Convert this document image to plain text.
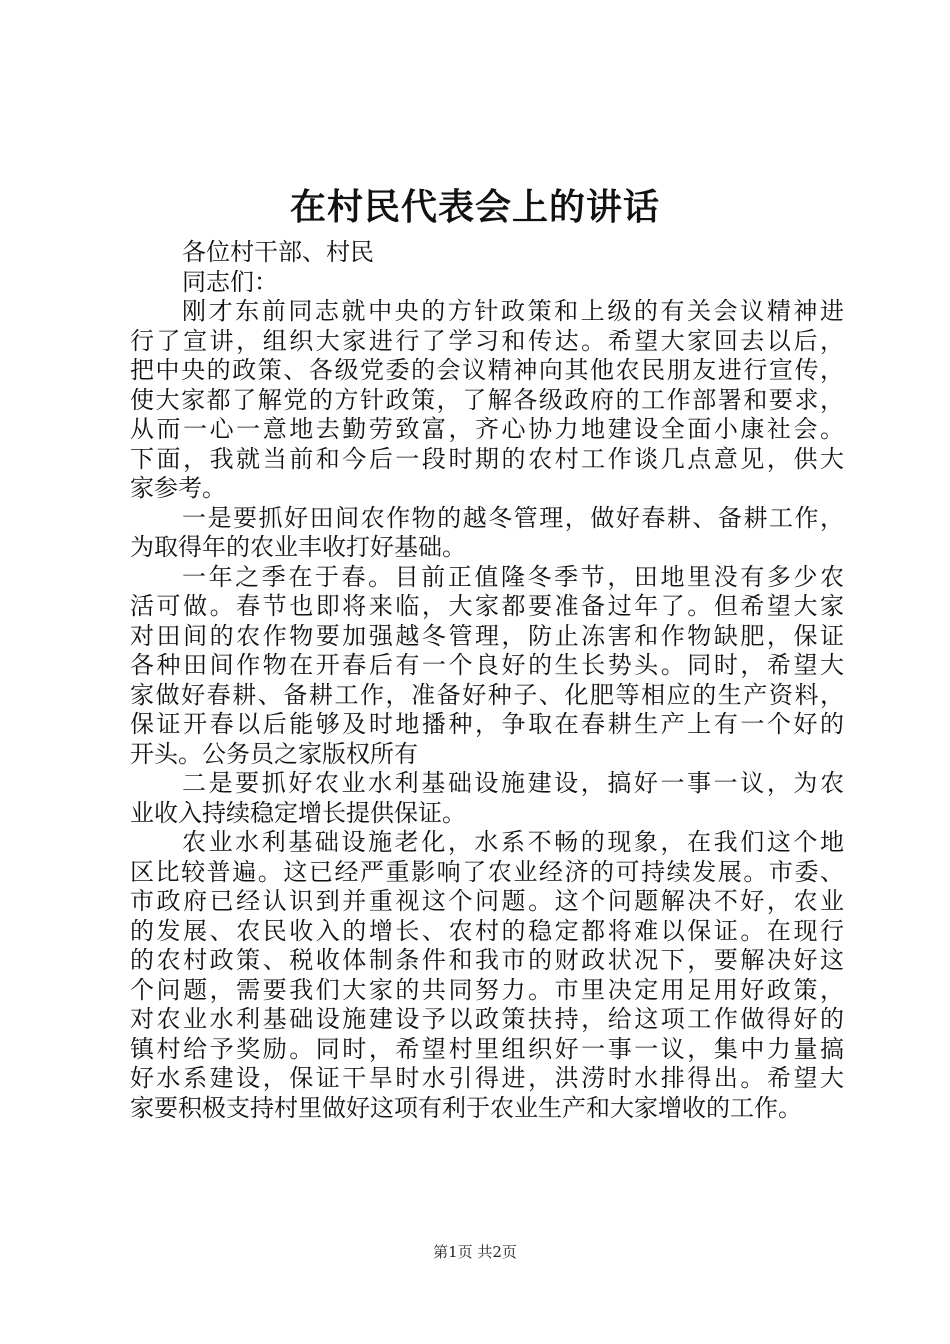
在村民代表会上的讲话
各位村干部、村民
同志们：
刚才东前同志就中央的方针政策和上级的有关会议精神进
行了宣讲，组织大家进行了学习和传达。希望大家回去以后，
把中央的政策、各级党委的会议精神向其他农民朋友进行宣传，
使大家都了解党的方针政策，了解各级政府的工作部署和要求，
从而一心一意地去勤劳致富，齐心协力地建设全面小康社会。
下面，我就当前和今后一段时期的农村工作谈几点意见，供大
家参考。
一是要抓好田间农作物的越冬管理，做好春耕、备耕工作，
为取得年的农业丰收打好基础。
一年之季在于春。目前正值隆冬季节，田地里没有多少农
活可做。春节也即将来临，大家都要准备过年了。但希望大家
对田间的农作物要加强越冬管理，防止冻害和作物缺肥，保证
各种田间作物在开春后有一个良好的生长势头。同时，希望大
家做好春耕、备耕工作，准备好种子、化肥等相应的生产资料，
保证开春以后能够及时地播种，争取在春耕生产上有一个好的
开头。公务员之家版权所有
二是要抓好农业水利基础设施建设，搞好一事一议，为农
业收入持续稳定增长提供保证。
农业水利基础设施老化，水系不畅的现象，在我们这个地
区比较普遍。这已经严重影响了农业经济的可持续发展。市委、
市政府已经认识到并重视这个问题。这个问题解决不好，农业
的发展、农民收入的增长、农村的稳定都将难以保证。在现行
的农村政策、税收体制条件和我市的财政状况下，要解决好这
个问题，需要我们大家的共同努力。市里决定用足用好政策，
对农业水利基础设施建设予以政策扶持，给这项工作做得好的
镇村给予奖励。同时，希望村里组织好一事一议，集中力量搞
好水系建设，保证干旱时水引得进，洪涝时水排得出。希望大
家要积极支持村里做好这项有利于农业生产和大家增收的工作。
第1页 共2页
